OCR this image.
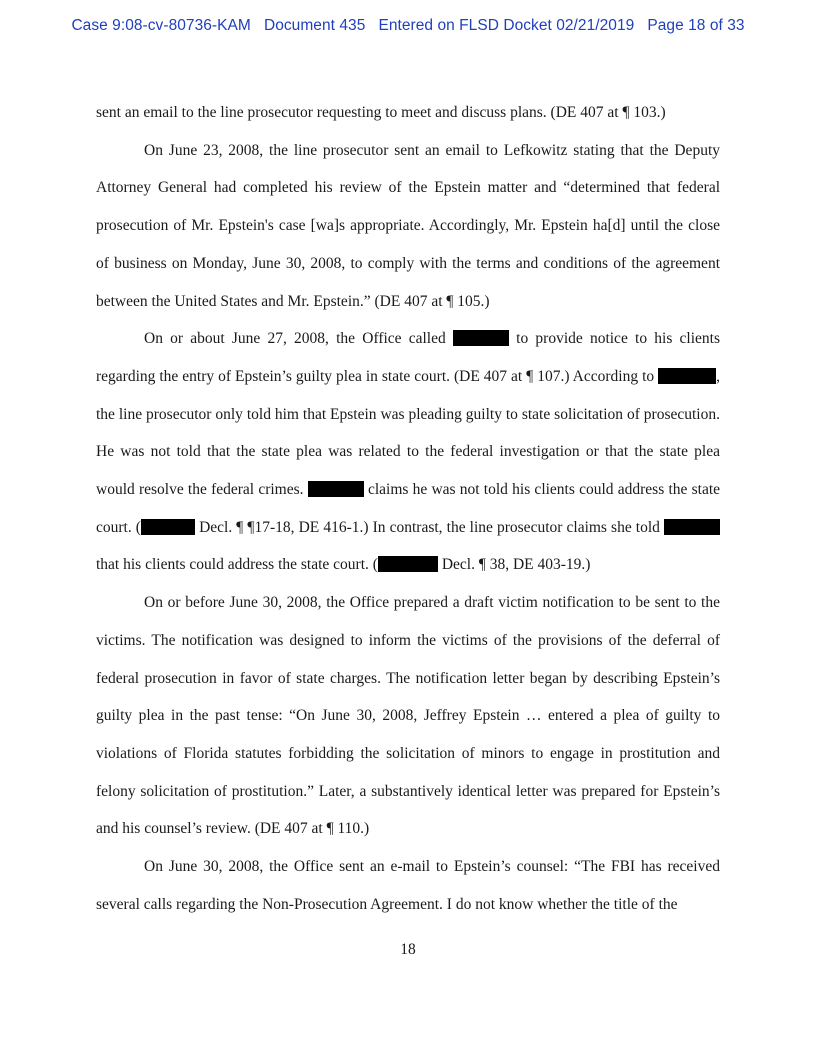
Case 9:08-cv-80736-KAM Document 435 Entered on FLSD Docket 02/21/2019 Page 18 of 33

sent an email to the line prosecutor requesting to meet and discuss plans. (DE 407 at ¶ 103.)

On June 23, 2008, the line prosecutor sent an email to Lefkowitz stating that the Deputy Attorney General had completed his review of the Epstein matter and “determined that federal prosecution of Mr. Epstein's case [wa]s appropriate. Accordingly, Mr. Epstein ha[d] until the close of business on Monday, June 30, 2008, to comply with the terms and conditions of the agreement between the United States and Mr. Epstein.” (DE 407 at ¶ 105.)

On or about June 27, 2008, the Office called	to provide notice to his clients regarding the entry of Epstein’s guilty plea in state court. (DE 407 at ¶ 107.) According to	, the line prosecutor only told him that Epstein was pleading guilty to state solicitation of prosecution. He was not told that the state plea was related to the federal investigation or that the state plea would resolve the federal crimes.	claims he was not told his clients could address the state court. (	Decl. ¶ ¶17-18, DE 416-1.) In contrast, the line prosecutor claims she told  that his clients could address the state court. (	Decl. ¶ 38, DE 403-19.)

On or before June 30, 2008, the Office prepared a draft victim notification to be sent to the victims. The notification was designed to inform the victims of the provisions of the deferral of federal prosecution in favor of state charges. The notification letter began by describing Epstein’s guilty plea in the past tense: “On June 30, 2008, Jeffrey Epstein … entered a plea of guilty to violations of Florida statutes forbidding the solicitation of minors to engage in prostitution and felony solicitation of prostitution.” Later, a substantively identical letter was prepared for Epstein’s and his counsel’s review. (DE 407 at ¶ 110.)

On June 30, 2008, the Office sent an e-mail to Epstein’s counsel: “The FBI has received several calls regarding the Non-Prosecution Agreement. I do not know whether the title of the

18
